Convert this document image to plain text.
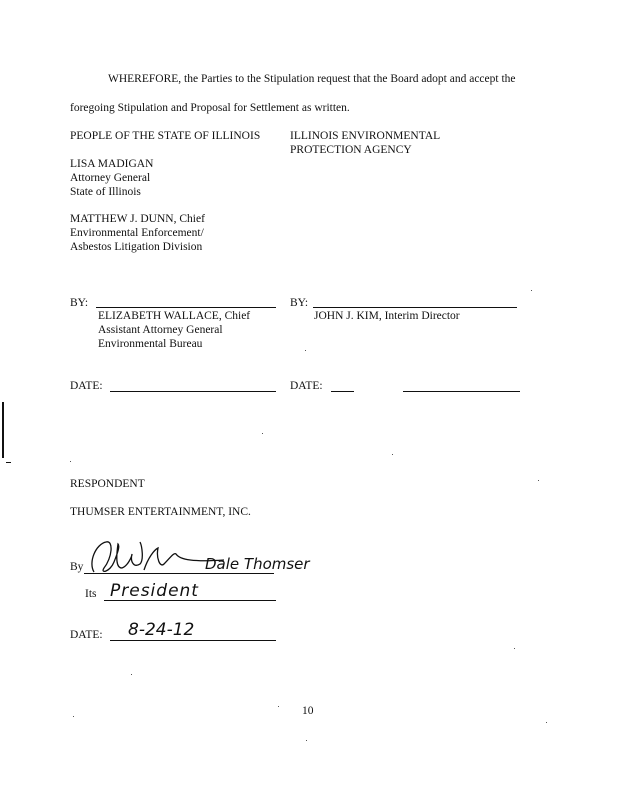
WHEREFORE, the Parties to the Stipulation request that the Board adopt and accept the
foregoing Stipulation and Proposal for Settlement as written.
PEOPLE OF THE STATE OF ILLINOIS	ILLINOIS ENVIRONMENTAL
PROTECTION AGENCY
LISA MADIGAN
Attorney General
State of Illinois
MATTHEW J. DUNN, Chief
Environmental Enforcement/
Asbestos Litigation Division
BY:
ELIZABETH WALLACE, Chief
Assistant Attorney General
Environmental Bureau
BY:
JOHN J. KIM, Interim Director
DATE:	DATE:
RESPONDENT
THUMSER ENTERTAINMENT, INC.
By	Dale Thomser
Its President
DATE: 8-24-12
10
